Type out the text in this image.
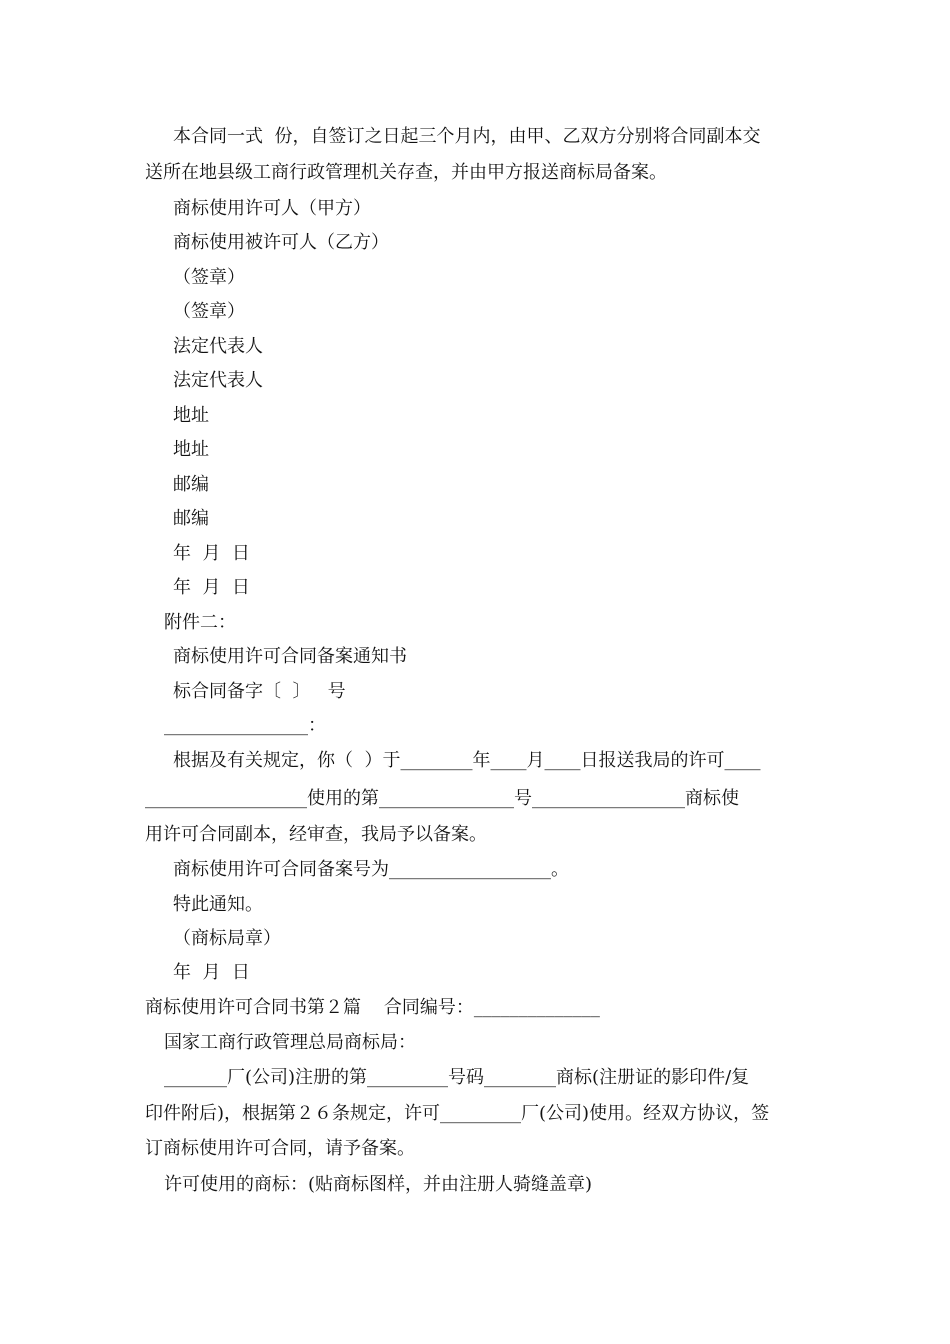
本合同一式  份，自签订之日起三个月内，由甲、乙双方分别将合同副本交
送所在地县级工商行政管理机关存查，并由甲方报送商标局备案。
商标使用许可人（甲方）
商标使用被许可人（乙方）
（签章）
（签章）
法定代表人
法定代表人
地址
地址
邮编
邮编
年  月  日
年  月  日
附件二：
商标使用许可合同备案通知书
标合同备字〔  〕   号
________________：
根据及有关规定，你（  ）于________年____月____日报送我局的许可____
__________________使用的第_______________号_________________商标使
用许可合同副本，经审查，我局予以备案。
商标使用许可合同备案号为__________________。
特此通知。
（商标局章）
年  月  日
商标使用许可合同书第２篇    合同编号：______________
国家工商行政管理总局商标局：
_______厂(公司)注册的第_________号码________商标(注册证的影印件/复
印件附后)，根据第２６条规定，许可_________厂(公司)使用。经双方协议，签
订商标使用许可合同，请予备案。
许可使用的商标：(贴商标图样，并由注册人骑缝盖章)
